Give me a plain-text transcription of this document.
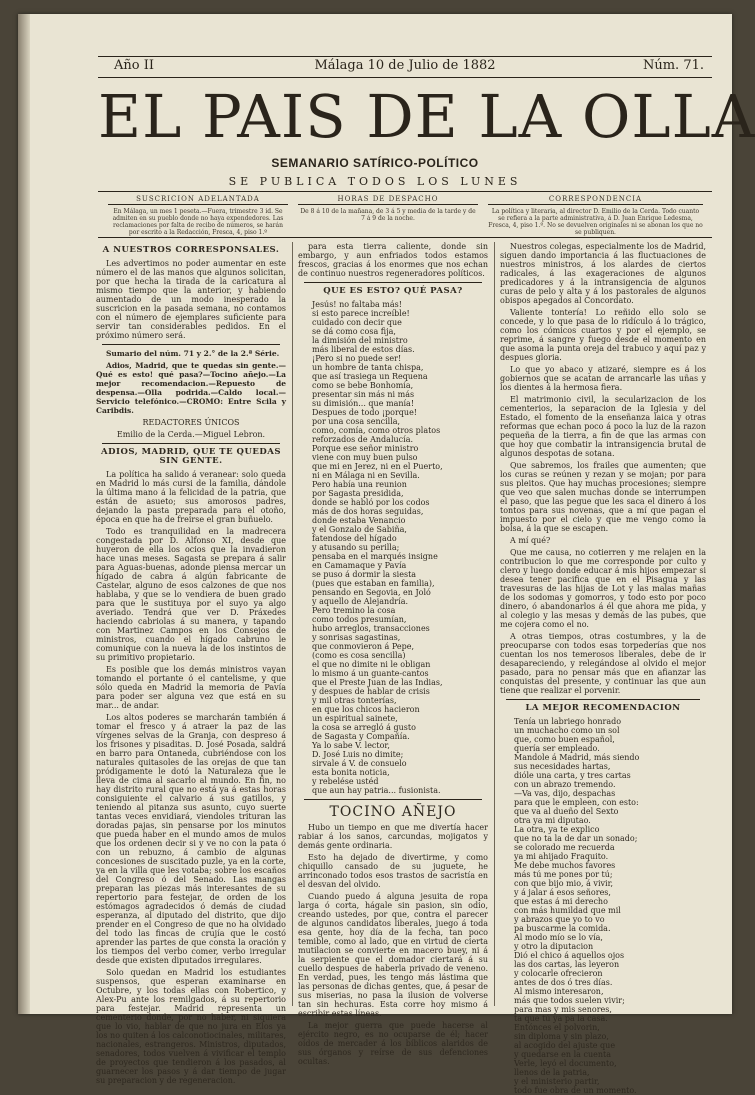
Año II	Málaga 10 de Julio de 1882	Núm. 71.
EL PAIS DE LA OLLA
SEMANARIO SATÍRICO-POLÍTICO
SE PUBLICA TODOS LOS LUNES
SUSCRICION ADELANTADA
En Málaga, un mes 1 peseta.—Fuera, trimestre 3 id. Se admiten en su pueblo donde no haya expendedores. Las reclamaciones por falta de recibo de números, se harán por escrito a la Redacción, Fresca, 4, piso 1.º
HORAS DE DESPACHO
De 8 á 10 de la mañana, de 3 á 5 y media de la tarde y de 7 á 9 de la noche.
CORRESPONDENCIA
La política y literaria, al director D. Emilio de la Cerda. Todo cuanto se refiera a la parte administrativa, á D. Juan Enrique Ledesma, Fresca, 4, piso 1.º. No se devuelven originales ni se abonan los que no se publiquen.
A NUESTROS CORRESPONSALES.

Les advertimos no poder aumentar en este número el de las manos que algunos solicitan, por que hecha la tirada de la caricatura al mismo tiempo que la anterior, y habiendo aumentado de un modo inesperado la suscricion en la pasada semana, no contamos con el número de ejemplares suficiente para servir tan considerables pedidos. En el próximo número será.

Sumario del núm. 71 y 2.° de la 2.ª Série.

Adios, Madrid, que te quedas sin gente.—Qué es esto! qué pasa?—Tocino añejo.—La mejor recomendacion.—Repuesto de despensa.—Olla podrida.—Caldo local.—Servicio telefónico.—CROMO: Entre Scila y Caribdis.

REDACTORES ÚNICOS

Emilio de la Cerda.—Miguel Lebron.

ADIOS, MADRID, QUE TE QUEDAS SIN GENTE.

La política ha salido á veranear: solo queda en Madrid lo más cursi de la familia, dándole la última mano á la felicidad de la patria, que están de asueto; sus amorosos padres, dejando la pasta preparada para el otoño, época en que ha de freirse el gran buñuelo.

Todo es tranquilidad en la madrecera congestada por D. Alfonso XI, desde que huyeron de ella los ocios que la invadieron hace unas meses. Sagasta se prepara á salir para Aguas-buenas, adonde piensa mercar un hígado de cabra á algún fabricante de Castelar, alguno de esos calzones de que nos hablaba, y que se lo vendiera de buen grado para que le sustituya por el suyo ya algo averiado. Tendrá que ver D. Práxedes haciendo cabriolas á su manera, y tapando con Martinez Campos en los Consejos de ministros, cuando el hígado cabruno le comunique con la nueva la de los instintos de su primitivo propietario.

Es posible que los demás ministros vayan tomando el portante ó el cantelisme, y que sólo queda en Madrid la memoria de Pavía para poder ser alguna vez que está en su mar... de andar.

Los altos poderes se marcharán también á tomar el fresco y á atraer la paz de las vírgenes selvas de la Granja, con despreso á los frisones y pisaditas. D. José Posada, saldrá en barro para Ontaneda, cubriéndose con los naturales quitasoles de las orejas de que tan pródigamente le dotó la Naturaleza que le lleva de cima al sacarlo al mundo. En fin, no hay distrito rural que no está ya á estas horas consiguiente el calvario á sus gatillos, y teniendo al pitanza sus asunto, cuyo suerte tantas veces envidiará, viendoles trituran las doradas pajas, sin pensarse por los minutos que pueda haber en el mundo amos de mulos que los ordenen decir si y ve no con la pata ó con un rebuzno, á cambio de algunas concesiones de suscitado puzle, ya en la corte, ya en la villa que les votaba; sobre los escaños del Congreso ó del Senado. Las mangas preparan las piezas más interesantes de su repertorio para festejar, de orden de los estómagos agradecidos ó demás de ciudad esperanza, al diputado del distrito, que dijo prender en el Congreso de que no ha olvidado del todo las fincas de crujía que le costó aprender las partes de que consta la oración y los tiempos del verbo comer, verbo irregular desde que existen diputados irregulares.

Solo quedan en Madrid los estudiantes suspensos, que esperan examinarse en Octubre, y los todas ellas con Robertico, y Alex-Pu ante los remilgados, á su repertorio para festejar. Madrid representa un cementerio donde, por no haber, ni siquiera que lo vio, hablar de que no jura en Elos ya los no quiten á los calconotiocinales, militares, nacionales, estrangeros. Ministros, diputados, senadores, todos vuelven á vivificar el templo de proyectos que tendieron á los pasados, al guarnecer los pasos y á dar tiempo de jugar su preparacion y de regeneracion.

para esta tierra caliente, donde sin embargo, y aun enfriados todos estamos frescos, gracias á los enormes que nos echan de continuo nuestros regeneradores políticos.

QUE ES ESTO? QUÉ PASA?
Jesús! no faltaba más!
si esto parece increíble!
cuidado con decir que
se dá como cosa fija,
la dimisión del ministro
más liberal de estos días.
¡Pero si no puede ser!
un hombre de tanta chispa,
que así trasiega un Requena
como se bebe Bonhomía,
presentar sin más ni más
su dimisión... que manía!
Despues de todo ¡porque!
por una cosa sencilla,
como, comía, como otros platos
reforzados de Andalucía.
Porque ese señor ministro
viene con muy buen pulso
que mi en Jerez, ni en el Puerto,
ni en Málaga ni en Sevilla.
Pero había una reunion
por Sagasta presidida,
donde se habló por los codos
más de dos horas seguidas,
donde estaba Venancio
y el Gonzalo de Sabiña,
fatendose del hígado
y atusando su perilla;
pensaba en el marqués insigne
en Camamaque y Pavía
se puso á dormir la siesta
(pues que estaban en familia),
pensando en Segovia, en Joló
y aquello de Alejandría.
Pero tremino la cosa
como todos presumían,
hubo arreglos, transacciones
y sonrisas sagastinas,
que conmovieron á Pepe,
(como es cosa sencilla)
el que no dimite ni le obligan
lo mismo á un guante-cantos
que el Preste Juan de las Indias,
y despues de hablar de crisis
y mil otras tonterías,
en que los chicos hacieron
un espiritual sainete,
la cosa se arregló á gusto
de Sagasta y Compañía.
Ya lo sabe V. lector,
D. José Luis no dimite;
sirvale á V. de consuelo
esta bonita noticia,
y rebelése ustéd
que aun hay patria... fusionista.
TOCINO AÑEJO

Hubo un tiempo en que me divertía hacer rabiar á los sanos, carcundas, mojigatos y demás gente ordinaria.

Esto ha dejado de divertirme, y como chiquillo cansado de su juguete, he arrinconado todos esos trastos de sacristía en el desvan del olvido.

Cuando puedo á alguna jesuita de ropa larga ó corta, hágale sin pasion, sin odio, creando ustedes, por que, contra el parecer de algunos candidatos liberales, juego á toda esa gente, hoy día de la fecha, tan poco temible, como al lado, que en virtud de cierta mutilacion se convierte en macero buey, ni á la serpiente que el domador ciertará á su cuello despues de haberla privado de veneno. En verdad, pues, les tengo más lástima que las personas de dichas gentes, que, á pesar de sus miserias, no pasa la ilusion de volverse tan sin hechuras. Esta corre hoy mismo á escribir estas líneas.

La mejor guerra que puede hacerse al ejército negro, es no ocuparse de él; hacer oídos de mercader á los bíblicos alaridos de sus órganos y reírse de sus defenciones ocultas.

Nuestros colegas, especialmente los de Madrid, siguen dando importancia á las fluctuaciones de nuestros ministros, á los alardes de ciertos radicales, á las exageraciones de algunos predicadores y á la intransigencia de algunos curas de pelo y alta y á los pastorales de algunos obispos apegados al Concordato.

Valiente tontería! Lo reñido ello solo se concede, y lo que pasa de lo ridículo á lo trágico, como los cómicos cuartos y por el ejemplo, se reprime, á sangre y fuego desde el momento en que asoma la punta oreja del trabuco y aquí paz y despues gloria.

Lo que yo abaco y atizaré, siempre es á los gobiernos que se acatan de arrancarle las uñas y los dientes á la hermosa fiera.

El matrimonio civil, la secularizacion de los cementerios, la separacion de la Iglesia y del Estado, el fomento de la enseñanza laica y otras reformas que echan poco á poco la luz de la razon pequeña de la tierra, a fin de que las armas con que hoy que combatir la intransigencia brutal de algunos despotas de sotana.

Que sabremos, los frailes que aumenten; que los curas se reúnen y rezan y se mojan; por para sus pleitos. Que hay muchas procesiones; siempre que veo que salen muchas donde se interrumpen el paso, que las pegue que les saca el dinero á los tontos para sus novenas, que a mí que pagan el impuesto por el cielo y que me vengo como la bolsa, á la que se escapen.

A mí qué?

Que me causa, no cotierren y me relajen en la contribucion lo que me corresponde por culto y clero y luego donde educar á mis hijos empezar si desea tener pacifica que en el Pisagua y las travesuras de las hijas de Lot y las malas mañas de los sodomas y gomorros, y todo esto por poco dinero, ó abandonarlos á él que ahora me pida, y al colegio y las mesas y demás de las pubes, que me cojera como el no.

A otras tiempos, otras costumbres, y la de preocuparse con todos esas torpederías que nos cuentan los nos temerosos liberales, debe de ir desapareciendo, y relegándose al olvido el mejor pasado, para no pensar más que en afianzar las conquistas del presente, y continuar las que aun tiene que realizar el porvenir.

LA MEJOR RECOMENDACION
Tenía un labriego honrado
un muchacho como un sol
que, como buen español,
quería ser empleado.
Mandole á Madrid, más siendo
sus necesidades hartas,
dióle una carta, y tres cartas
con un abrazo tremendo.
—Va vas, dijo, despachas
para que le empleen, con esto:
que va al dueño del Sexto
otra ya mi diputao.
La otra, ya te explico
que no ta la de dar un sonado;
se colorado me recuerda
ya mi ahijado Fraquito.
Me debe muchos favores
más tú me pones por tú;
con que bijo mio, á vivir,
y á jalar á esos señores,
que estas á mi derecho
con más humildad que mil
y abrazos que yo to vo
pa buscarme la comida.
Al modo mío se lo vía,
y otro la diputacion
Dió el chico á aquellos ojos
las dos cartas, las leyeron
y colocarle ofrecieron
antes de dos ó tres días.
Al mismo interesaron,
más que todos suelen vivir;
para mas y mis senores,
ta que tú ya pa la casa.
Entónces el polvorin,
sin diploma y sin plazo,
al acogido del ajuste que
y quedarse en la cuenta
Verle, leyó el documento,
llenos de la patria,
y el ministerio partir,
todo fue obra de un momento.
